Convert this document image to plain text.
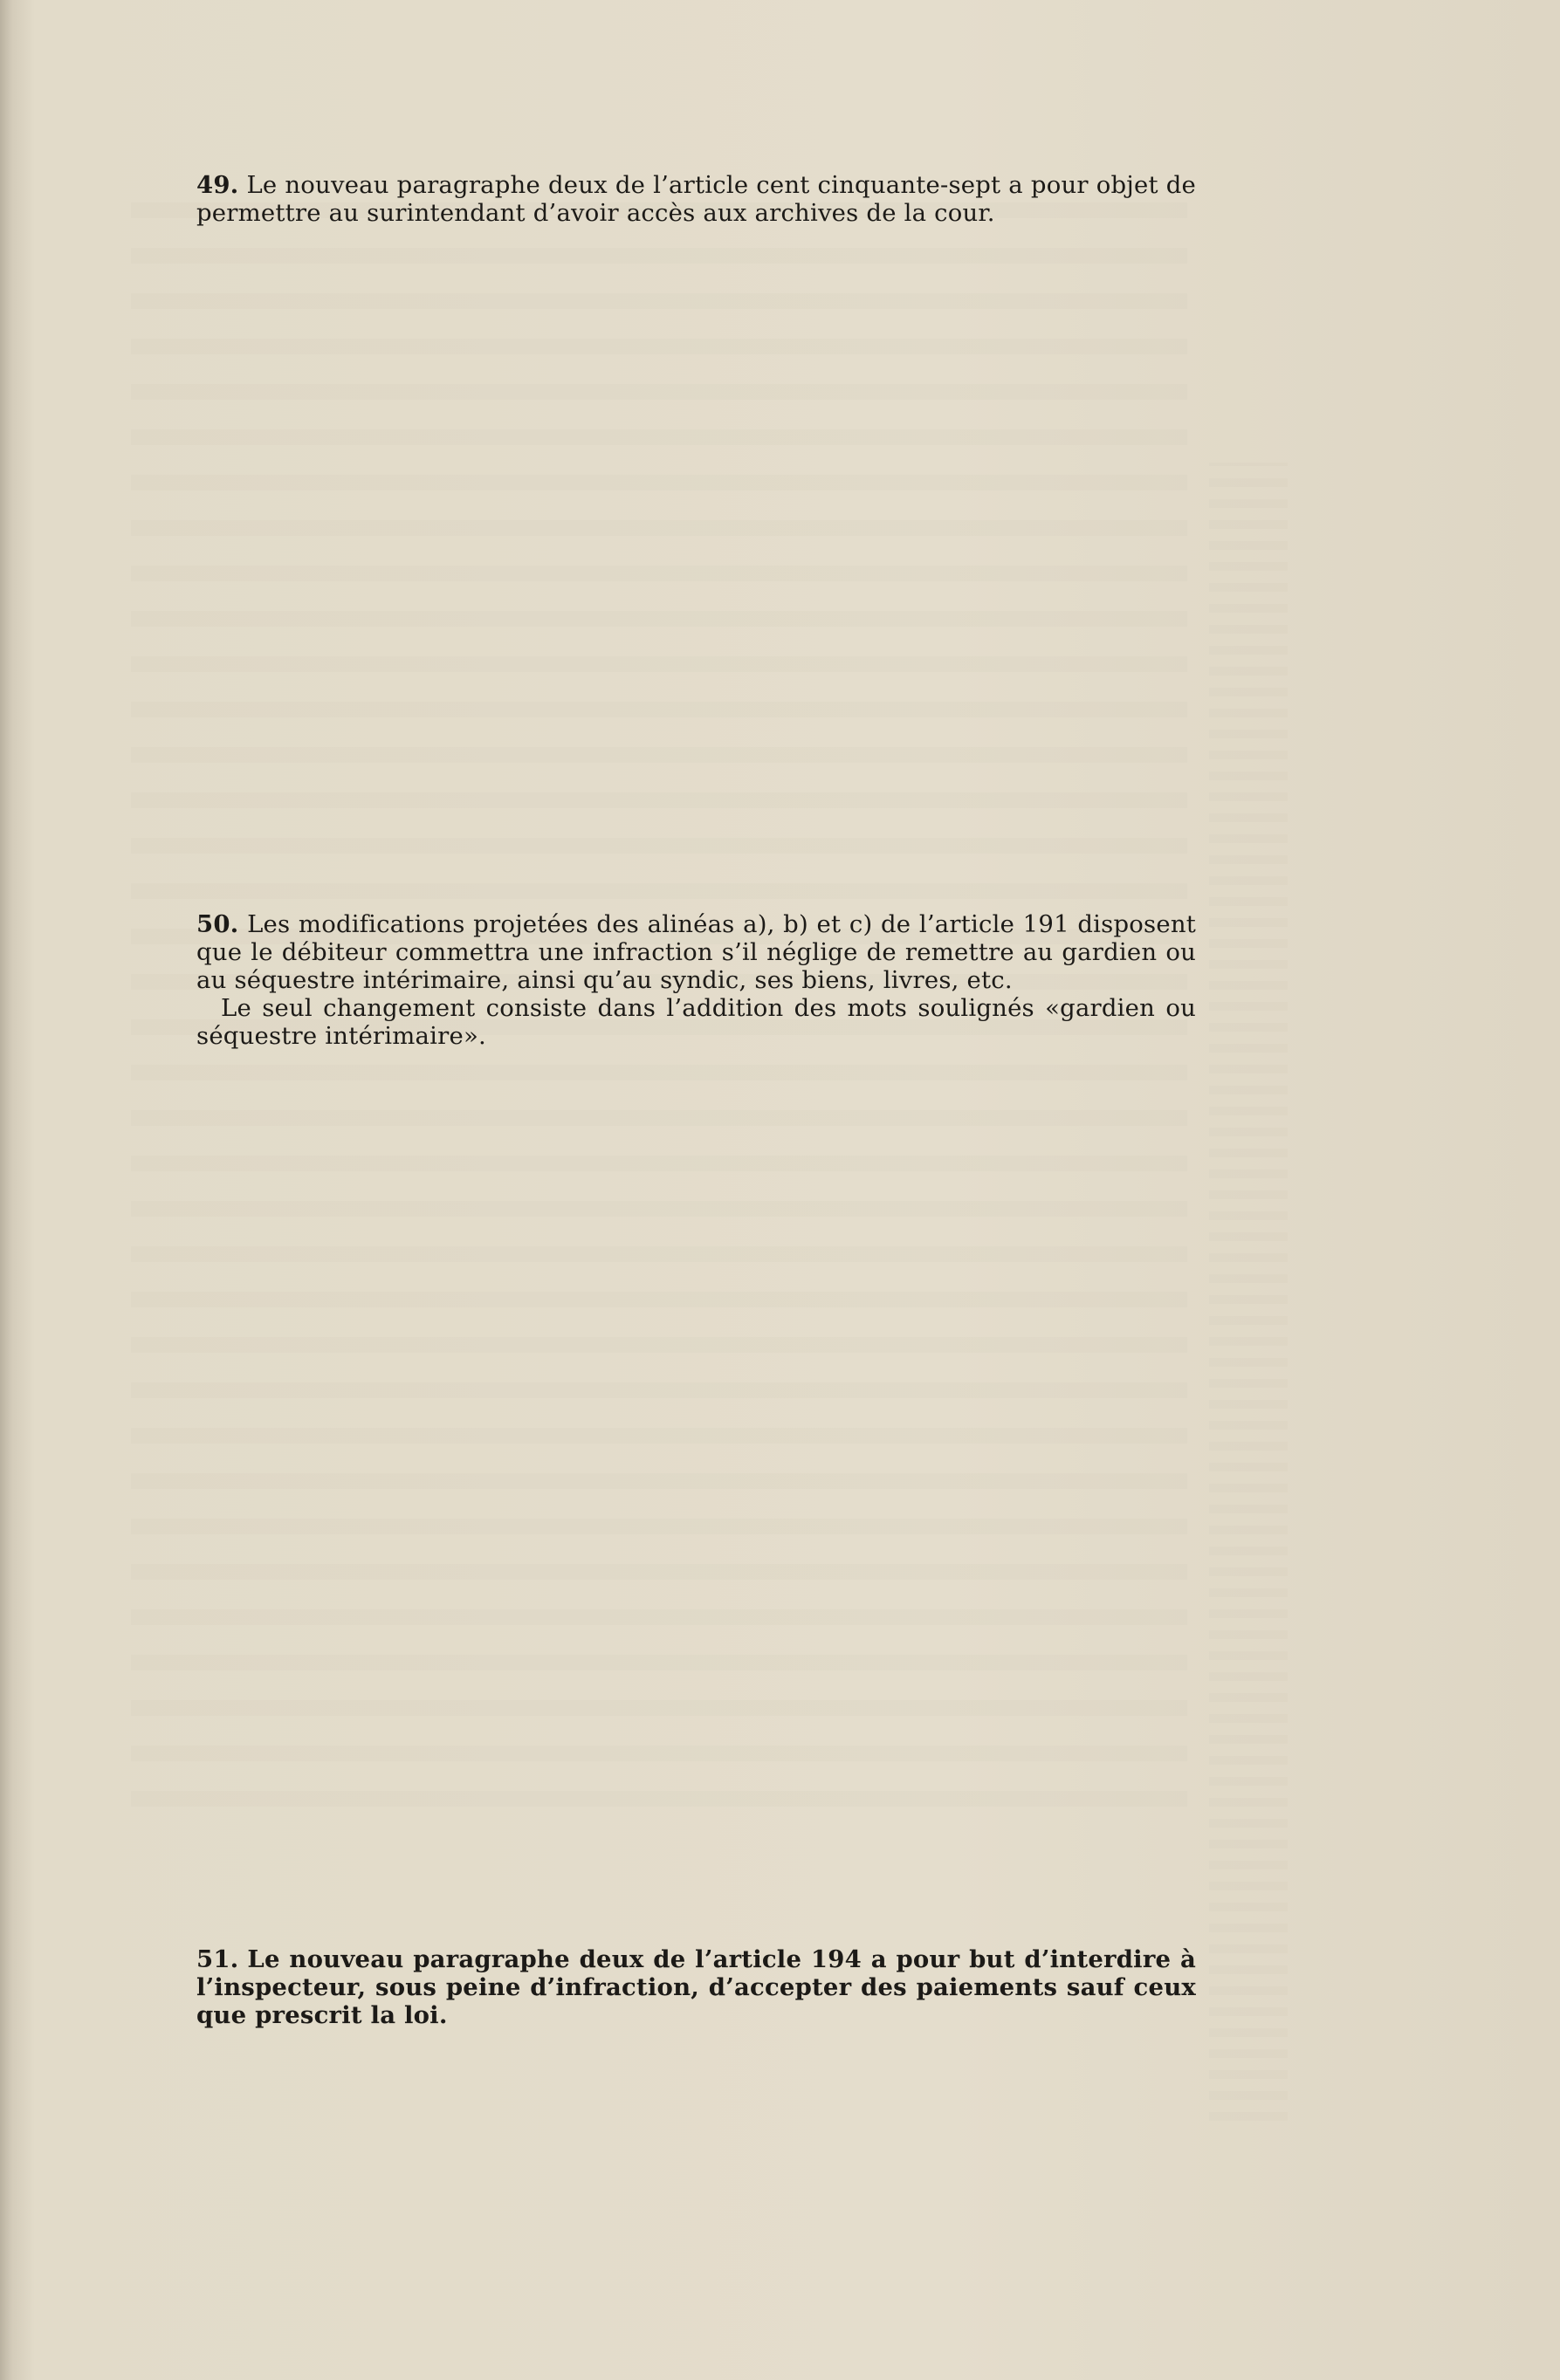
49. Le nouveau paragraphe deux de l’article cent cinquante-sept a pour objet de permettre au surintendant d’avoir accès aux archives de la cour.

50. Les modifications projetées des alinéas a), b) et c) de l’article 191 disposent que le débiteur commettra une infraction s’il néglige de remettre au gardien ou au séquestre intérimaire, ainsi qu’au syndic, ses biens, livres, etc.

Le seul changement consiste dans l’addition des mots soulignés «gardien ou séquestre intérimaire».

51. Le nouveau paragraphe deux de l’article 194 a pour but d’interdire à l’inspecteur, sous peine d’infraction, d’accepter des paiements sauf ceux que prescrit la loi.
